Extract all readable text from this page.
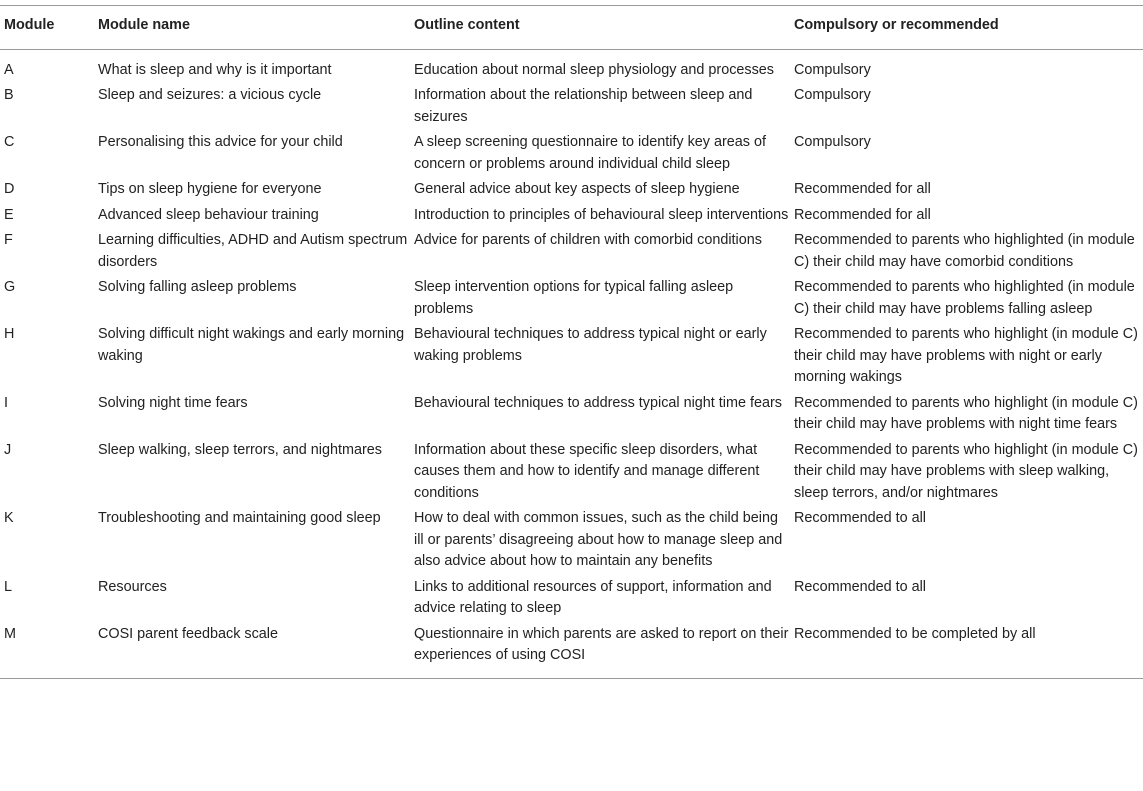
Module	Module name	Outline content	Compulsory or recommended
A	What is sleep and why is it important	Education about normal sleep physiology and processes	Compulsory
B	Sleep and seizures: a vicious cycle	Information about the relationship between sleep and seizures	Compulsory
C	Personalising this advice for your child	A sleep screening questionnaire to identify key areas of concern or problems around individual child sleep	Compulsory
D	Tips on sleep hygiene for everyone	General advice about key aspects of sleep hygiene	Recommended for all
E	Advanced sleep behaviour training	Introduction to principles of behavioural sleep interventions	Recommended for all
F	Learning difficulties, ADHD and Autism spectrum disorders	Advice for parents of children with comorbid conditions	Recommended to parents who highlighted (in module C) their child may have comorbid conditions
G	Solving falling asleep problems	Sleep intervention options for typical falling asleep problems	Recommended to parents who highlighted (in module C) their child may have problems falling asleep
H	Solving difficult night wakings and early morning waking	Behavioural techniques to address typical night or early waking problems	Recommended to parents who highlight (in module C) their child may have problems with night or early morning wakings
I	Solving night time fears	Behavioural techniques to address typical night time fears	Recommended to parents who highlight (in module C) their child may have problems with night time fears
J	Sleep walking, sleep terrors, and nightmares	Information about these specific sleep disorders, what causes them and how to identify and manage different conditions	Recommended to parents who highlight (in module C) their child may have problems with sleep walking, sleep terrors, and/or nightmares
K	Troubleshooting and maintaining good sleep	How to deal with common issues, such as the child being ill or parents’ disagreeing about how to manage sleep and also advice about how to maintain any benefits	Recommended to all
L	Resources	Links to additional resources of support, information and advice relating to sleep	Recommended to all
M	COSI parent feedback scale	Questionnaire in which parents are asked to report on their experiences of using COSI	Recommended to be completed by all
